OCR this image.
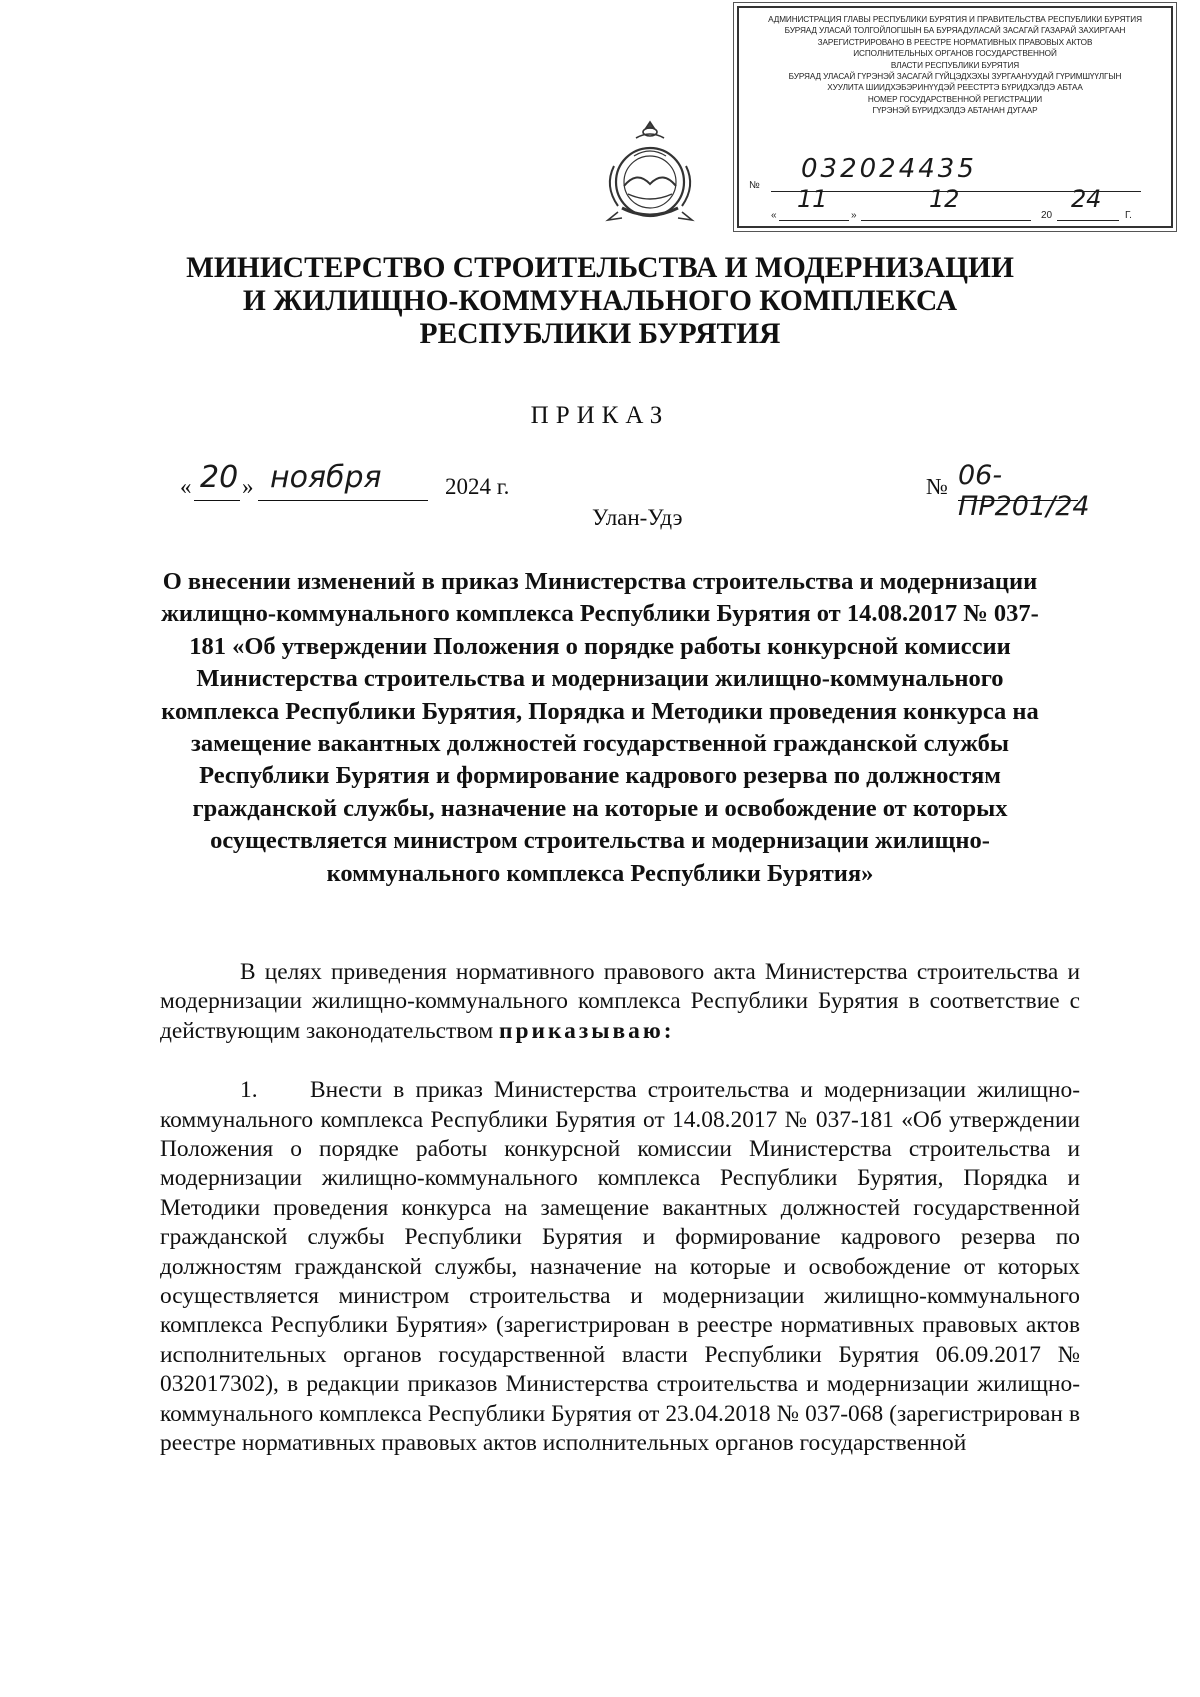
АДМИНИСТРАЦИЯ ГЛАВЫ РЕСПУБЛИКИ БУРЯТИЯ И ПРАВИТЕЛЬСТВА РЕСПУБЛИКИ БУРЯТИЯ
БУРЯАД УЛАСАЙ ТОЛГОЙЛОГШЫН БА БУРЯАДУЛАСАЙ ЗАСАГАЙ ГАЗАРАЙ ЗАХИРГААН
ЗАРЕГИСТРИРОВАНО В РЕЕСТРЕ НОРМАТИВНЫХ ПРАВОВЫХ АКТОВ
ИСПОЛНИТЕЛЬНЫХ ОРГАНОВ ГОСУДАРСТВЕННОЙ
ВЛАСТИ РЕСПУБЛИКИ БУРЯТИЯ
БУРЯАД УЛАСАЙ ГҮРЭНЭЙ ЗАСАГАЙ ГҮЙЦЭДХЭХЫ ЗУРГААНУУДАЙ ГҮРИМШҮҮЛГЫН
ХУУЛИТА ШИИДХЭБЭРИНҮҮДЭЙ РЕЕСТРТЭ БҮРИДХЭЛДЭ АБТАА
НОМЕР ГОСУДАРСТВЕННОЙ РЕГИСТРАЦИИ
ГҮРЭНЭЙ БҮРИДХЭЛДЭ АБТАНАН ДУГААР
№
032024435
«
11
»
12
20
24
Г.
МИНИСТЕРСТВО СТРОИТЕЛЬСТВА И МОДЕРНИЗАЦИИ
И ЖИЛИЩНО-КОММУНАЛЬНОГО КОМПЛЕКСА
РЕСПУБЛИКИ БУРЯТИЯ
ПРИКАЗ
« 20 » ноября	2024 г.	№ 06-ПР201/24
Улан-Удэ
О внесении изменений в приказ Министерства строительства и модернизации жилищно-коммунального комплекса Республики Бурятия от 14.08.2017 № 037-181 «Об утверждении Положения о порядке работы конкурсной комиссии Министерства строительства и модернизации жилищно-коммунального комплекса Республики Бурятия, Порядка и Методики проведения конкурса на замещение вакантных должностей государственной гражданской службы Республики Бурятия и формирование кадрового резерва по должностям гражданской службы, назначение на которые и освобождение от которых осуществляется министром строительства и модернизации жилищно-коммунального комплекса Республики Бурятия»

В целях приведения нормативного правового акта Министерства строительства и модернизации жилищно-коммунального комплекса Республики Бурятия в соответствие с действующим законодательством приказываю:

1. Внести в приказ Министерства строительства и модернизации жилищно-коммунального комплекса Республики Бурятия от 14.08.2017 № 037-181 «Об утверждении Положения о порядке работы конкурсной комиссии Министерства строительства и модернизации жилищно-коммунального комплекса Республики Бурятия, Порядка и Методики проведения конкурса на замещение вакантных должностей государственной гражданской службы Республики Бурятия и формирование кадрового резерва по должностям гражданской службы, назначение на которые и освобождение от которых осуществляется министром строительства и модернизации жилищно-коммунального комплекса Республики Бурятия» (зарегистрирован в реестре нормативных правовых актов исполнительных органов государственной власти Республики Бурятия 06.09.2017 № 032017302), в редакции приказов Министерства строительства и модернизации жилищно-коммунального комплекса Республики Бурятия от 23.04.2018 № 037-068 (зарегистрирован в реестре нормативных правовых актов исполнительных органов государственной
